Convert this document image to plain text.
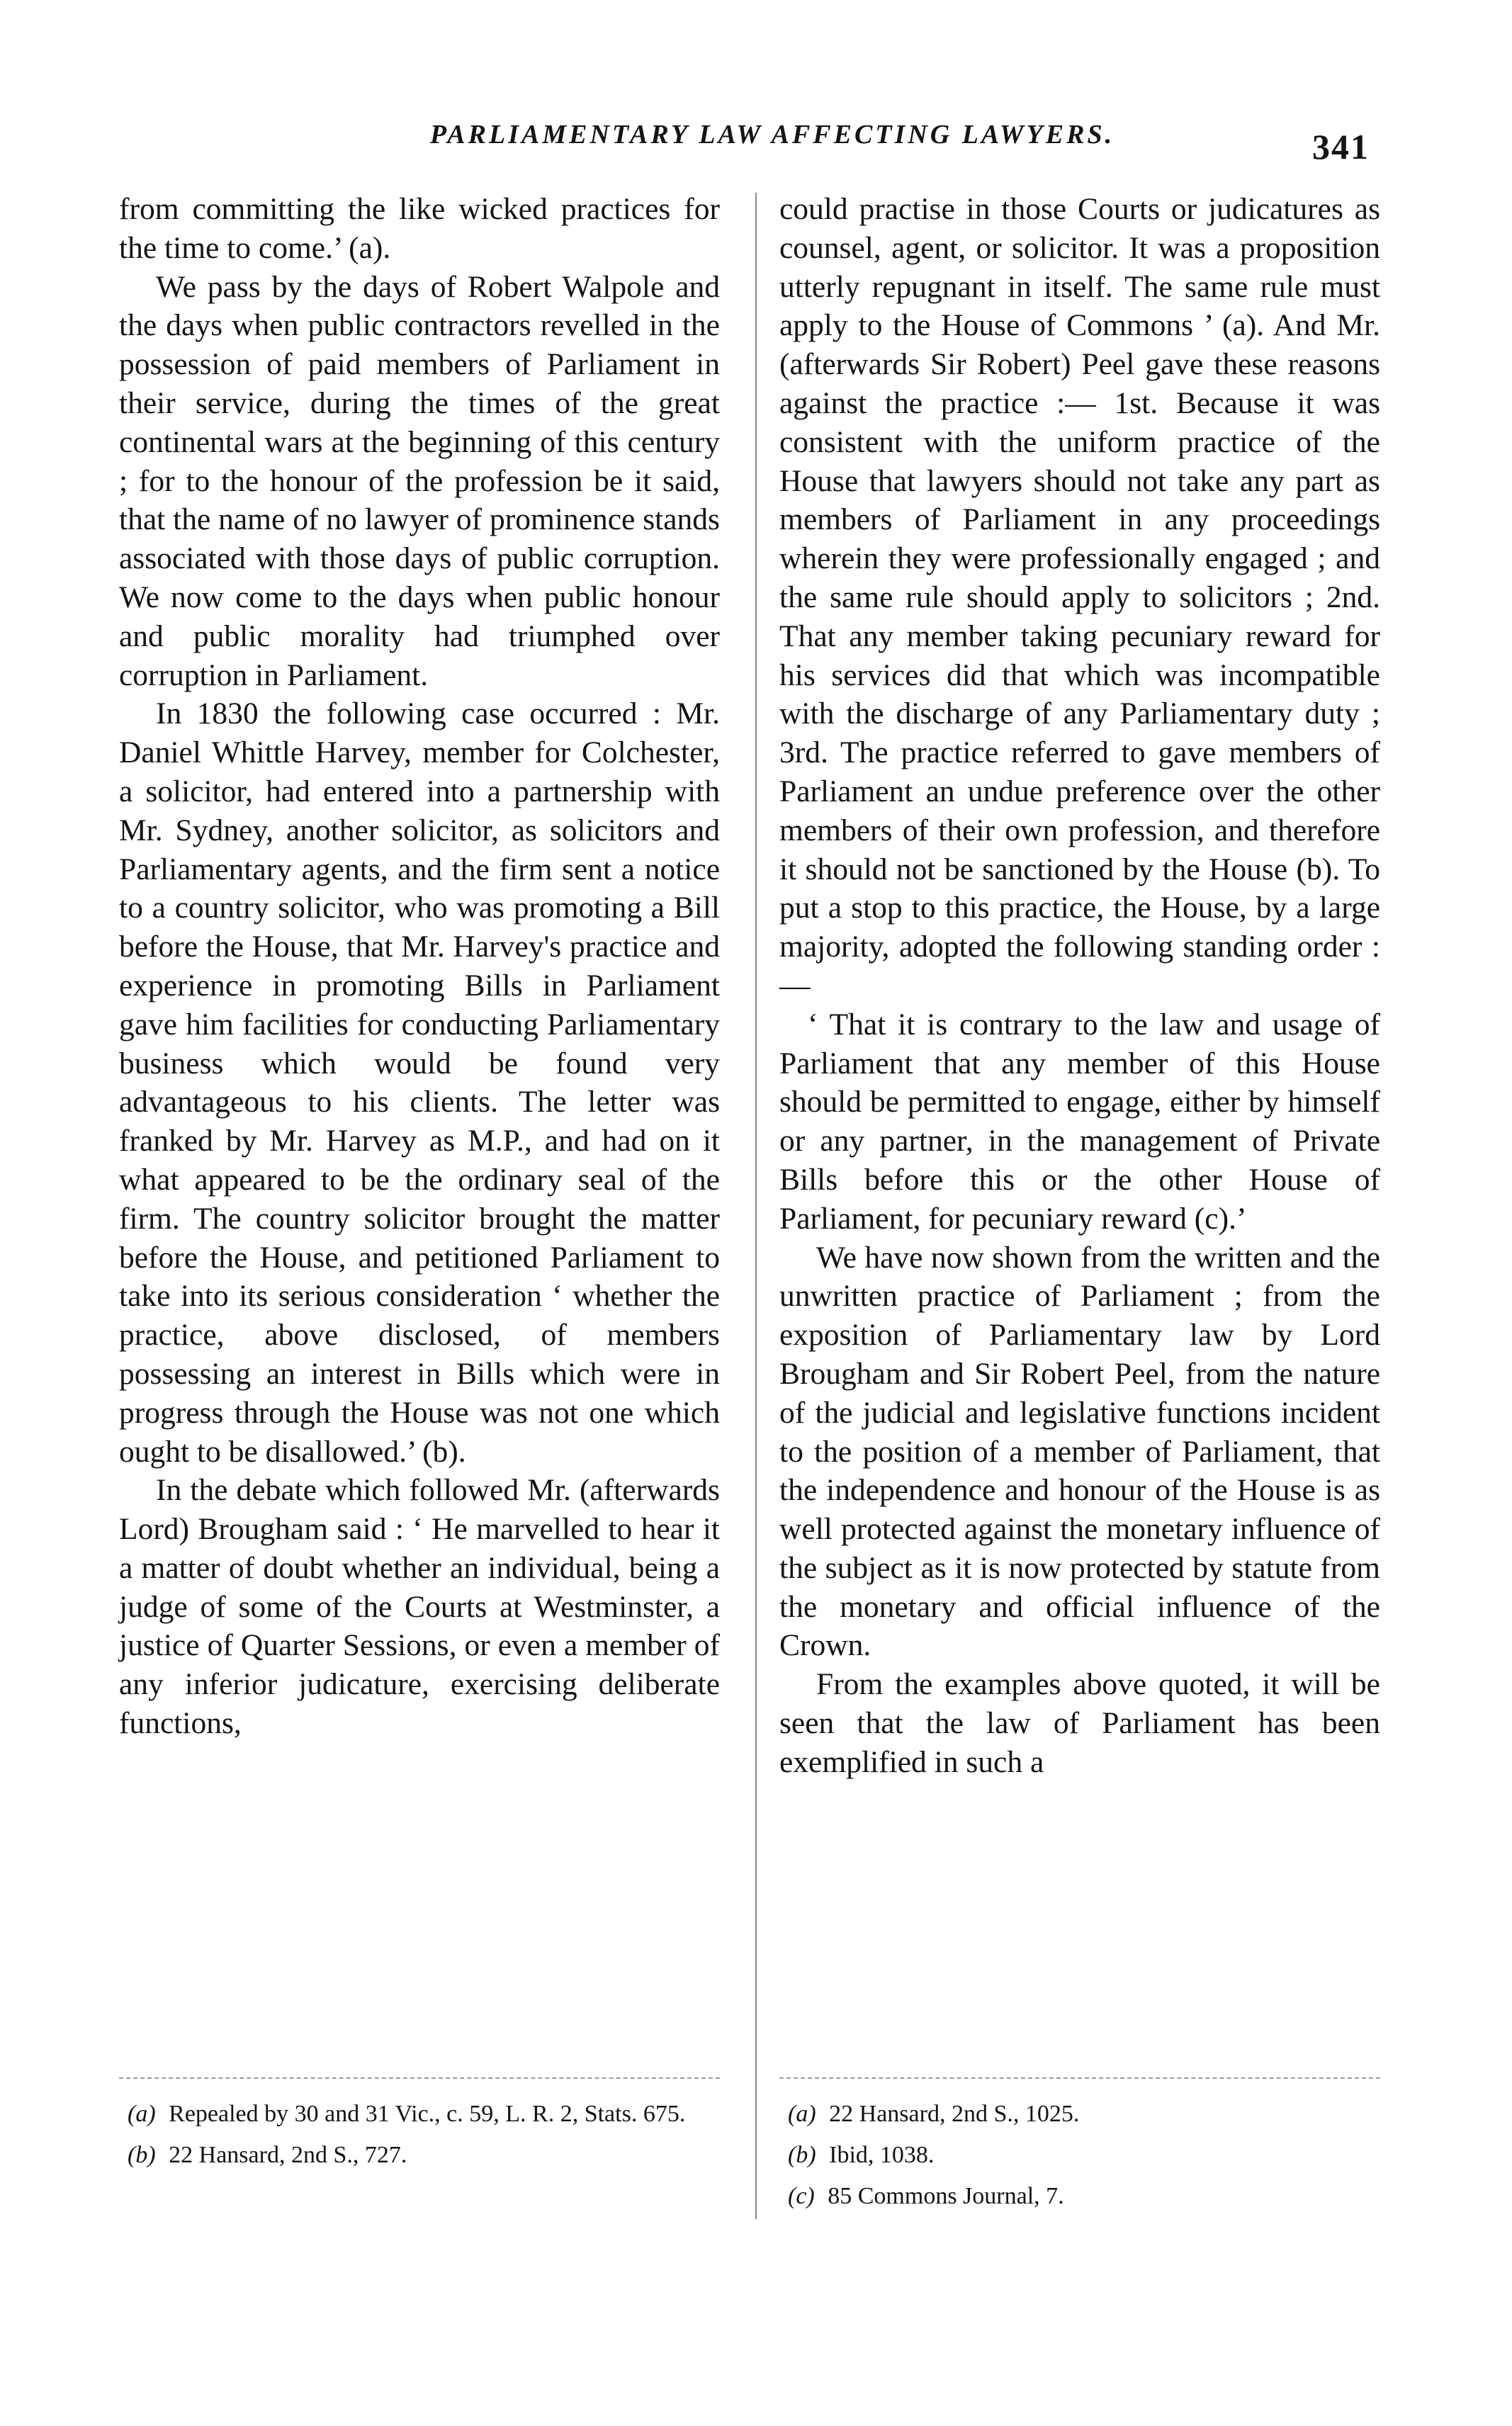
PARLIAMENTARY LAW AFFECTING LAWYERS.	341

from committing the like wicked practices for the time to come.’ (a).

We pass by the days of Robert Walpole and the days when public contractors revelled in the possession of paid members of Parliament in their service, during the times of the great continental wars at the beginning of this century ; for to the honour of the profession be it said, that the name of no lawyer of prominence stands associated with those days of public corruption. We now come to the days when public honour and public morality had triumphed over corruption in Parliament.

In 1830 the following case occurred : Mr. Daniel Whittle Harvey, member for Colchester, a solicitor, had entered into a partnership with Mr. Sydney, another solicitor, as solicitors and Parliamentary agents, and the firm sent a notice to a country solicitor, who was promoting a Bill before the House, that Mr. Harvey's practice and experience in promoting Bills in Parliament gave him facilities for conducting Parliamentary business which would be found very advantageous to his clients. The letter was franked by Mr. Harvey as M.P., and had on it what appeared to be the ordinary seal of the firm. The country solicitor brought the matter before the House, and petitioned Parliament to take into its serious consideration ‘ whether the practice, above disclosed, of members possessing an interest in Bills which were in progress through the House was not one which ought to be disallowed.’ (b).

In the debate which followed Mr. (afterwards Lord) Brougham said : ‘ He marvelled to hear it a matter of doubt whether an individual, being a judge of some of the Courts at Westminster, a justice of Quarter Sessions, or even a member of any inferior judicature, exercising deliberate functions,

could practise in those Courts or judicatures as counsel, agent, or solicitor. It was a proposition utterly repugnant in itself. The same rule must apply to the House of Commons ’ (a). And Mr. (afterwards Sir Robert) Peel gave these reasons against the practice :— 1st. Because it was consistent with the uniform practice of the House that lawyers should not take any part as members of Parliament in any proceedings wherein they were professionally engaged ; and the same rule should apply to solicitors ; 2nd. That any member taking pecuniary reward for his services did that which was incompatible with the discharge of any Parliamentary duty ; 3rd. The practice referred to gave members of Parliament an undue preference over the other members of their own profession, and therefore it should not be sanctioned by the House (b). To put a stop to this practice, the House, by a large majority, adopted the following standing order :—

‘ That it is contrary to the law and usage of Parliament that any member of this House should be permitted to engage, either by himself or any partner, in the management of Private Bills before this or the other House of Parliament, for pecuniary reward (c).’

We have now shown from the written and the unwritten practice of Parliament ; from the exposition of Parliamentary law by Lord Brougham and Sir Robert Peel, from the nature of the judicial and legislative functions incident to the position of a member of Parliament, that the independence and honour of the House is as well protected against the monetary influence of the subject as it is now protected by statute from the monetary and official influence of the Crown.

From the examples above quoted, it will be seen that the law of Parliament has been exemplified in such a

(a) Repealed by 30 and 31 Vic., c. 59, L. R. 2, Stats. 675.
(b) 22 Hansard, 2nd S., 727.
(a) 22 Hansard, 2nd S., 1025.
(b) Ibid, 1038.
(c) 85 Commons Journal, 7.
